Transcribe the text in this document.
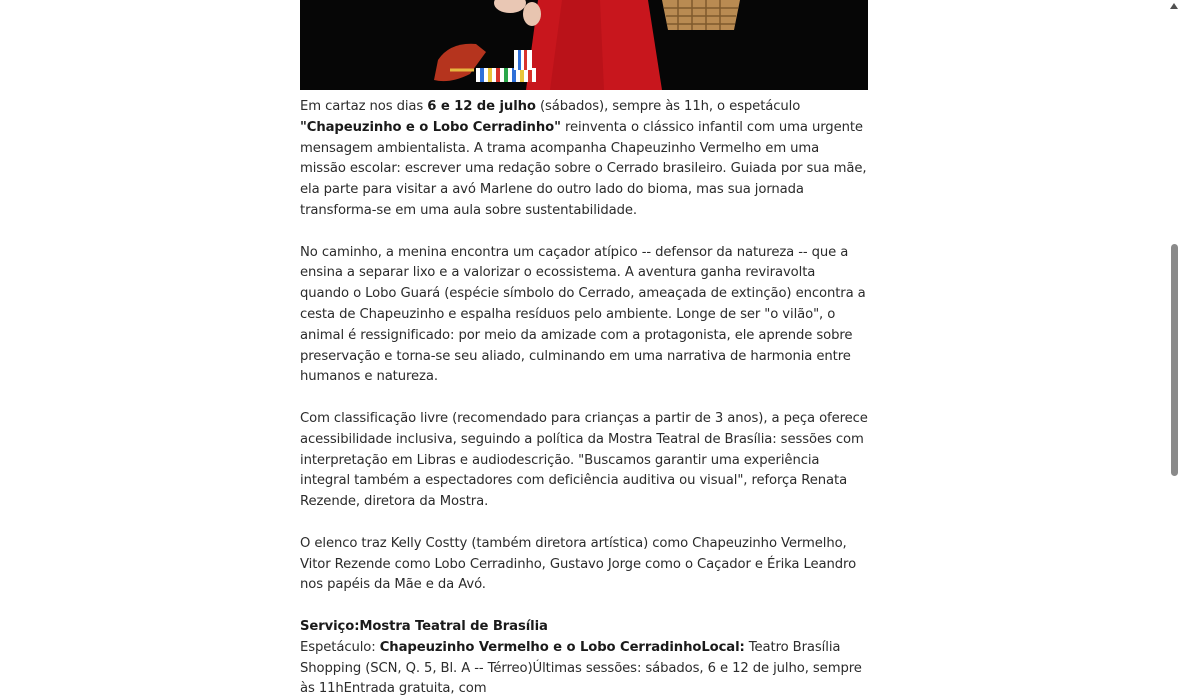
Em cartaz nos dias 6 e 12 de julho (sábados), sempre às 11h, o espetáculo "Chapeuzinho e o Lobo Cerradinho" reinventa o clássico infantil com uma urgente mensagem ambientalista. A trama acompanha Chapeuzinho Vermelho em uma missão escolar: escrever uma redação sobre o Cerrado brasileiro. Guiada por sua mãe, ela parte para visitar a avó Marlene do outro lado do bioma, mas sua jornada transforma-se em uma aula sobre sustentabilidade.

No caminho, a menina encontra um caçador atípico -- defensor da natureza -- que a ensina a separar lixo e a valorizar o ecossistema. A aventura ganha reviravolta quando o Lobo Guará (espécie símbolo do Cerrado, ameaçada de extinção) encontra a cesta de Chapeuzinho e espalha resíduos pelo ambiente. Longe de ser "o vilão", o animal é ressignificado: por meio da amizade com a protagonista, ele aprende sobre preservação e torna-se seu aliado, culminando em uma narrativa de harmonia entre humanos e natureza.

Com classificação livre (recomendado para crianças a partir de 3 anos), a peça oferece acessibilidade inclusiva, seguindo a política da Mostra Teatral de Brasília: sessões com interpretação em Libras e audiodescrição. "Buscamos garantir uma experiência integral também a espectadores com deficiência auditiva ou visual", reforça Renata Rezende, diretora da Mostra.

O elenco traz Kelly Costty (também diretora artística) como Chapeuzinho Vermelho, Vitor Rezende como Lobo Cerradinho, Gustavo Jorge como o Caçador e Érika Leandro nos papéis da Mãe e da Avó.

Serviço:Mostra Teatral de Brasília

Espetáculo: Chapeuzinho Vermelho e o Lobo CerradinhoLocal: Teatro Brasília Shopping (SCN, Q. 5, Bl. A -- Térreo)Últimas sessões: sábados, 6 e 12 de julho, sempre às 11hEntrada gratuita, com
